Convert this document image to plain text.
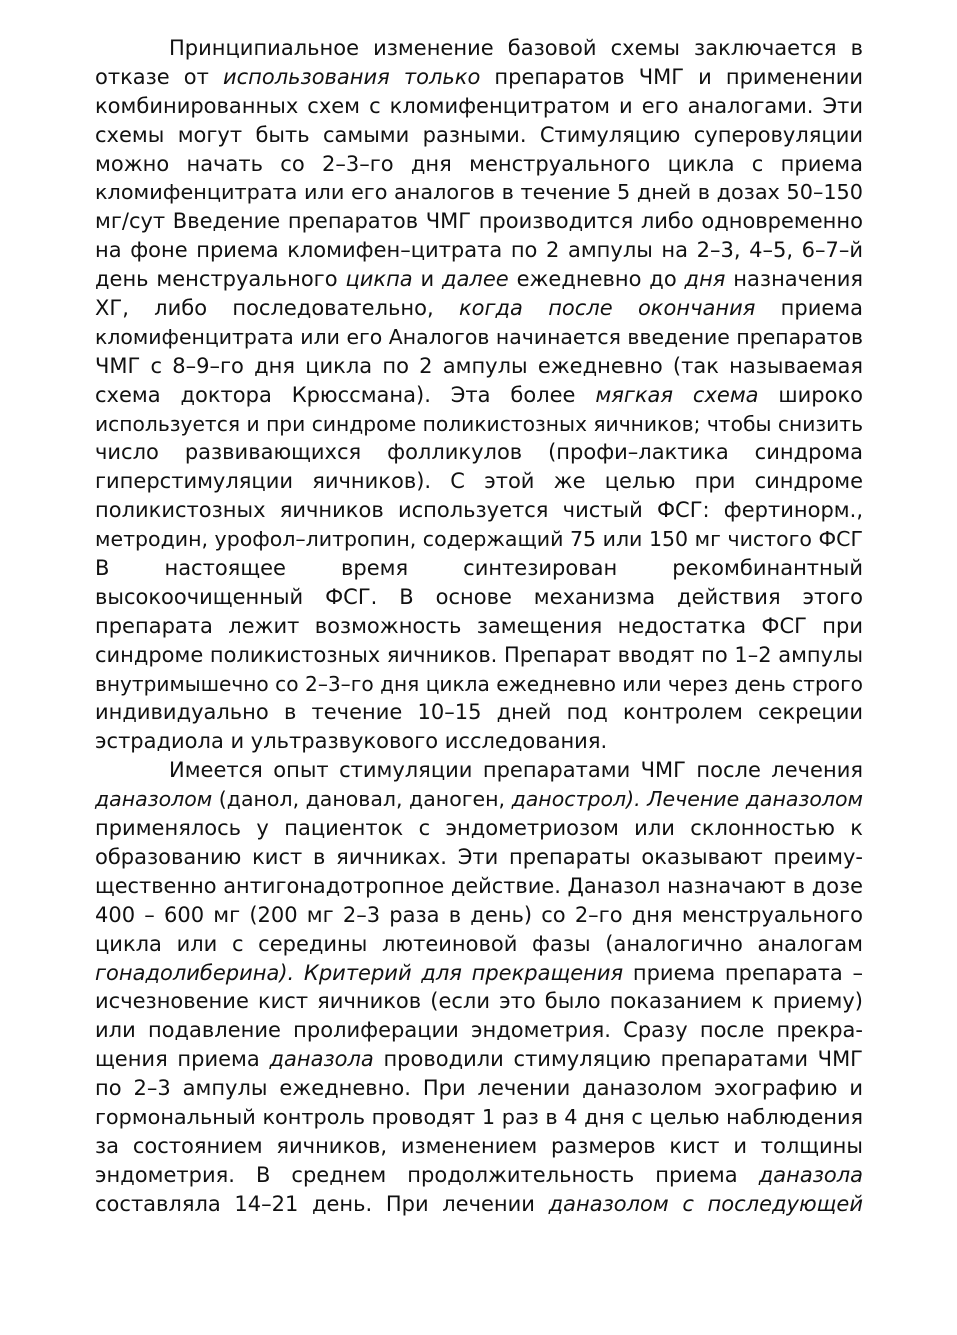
Принципиальное изменение базовой схемы заключается в
отказе от использования только препаратов ЧМГ и применении
комбинированных схем с кломифенцитратом и его аналогами. Эти
схемы могут быть самыми разными. Стимуляцию суперовуляции
можно начать со 2–3–го дня менструального цикла с приема
кломифенцитрата или его аналогов в течение 5 дней в дозах 50–150
мг/сут Введение препаратов ЧМГ производится либо одновременно
на фоне приема кломифен–цитрата по 2 ампулы на 2–3, 4–5, 6–7–й
день менструального цикпа и далее ежедневно до дня назначения
ХГ, либо последовательно, когда после окончания приема
кломифенцитрата или его Аналогов начинается введение препаратов
ЧМГ с 8–9–го дня цикла по 2 ампулы ежедневно (так называемая
схема доктора Крюссмана). Эта более мягкая схема широко
используется и при синдроме поликистозных яичников; чтобы снизить
число развивающихся фолликулов (профи–лактика синдрома
гиперстимуляции яичников). С этой же целью при синдроме
поликистозных яичников используется чистый ФСГ: фертинорм.,
метродин, урофол–литропин, содержащий 75 или 150 мг чистого ФСГ
В настоящее время синтезирован рекомбинантный
высокоочищенный ФСГ. В основе механизма действия этого
препарата лежит возможность замещения недостатка ФСГ при
синдроме поликистозных яичников. Препарат вводят по 1–2 ампулы
внутримышечно со 2–3–го дня цикла ежедневно или через день строго
индивидуально в течение 10–15 дней под контролем секреции
эстрадиола и ультразвукового исследования.
Имеется опыт стимуляции препаратами ЧМГ после лечения
даназолом (данол, дановал, даноген, данострол). Лечение даназолом
применялось у пациенток с эндометриозом или склонностью к
образованию кист в яичниках. Эти препараты оказывают преиму-
щественно антигонадотропное действие. Даназол назначают в дозе
400 – 600 мг (200 мг 2–3 раза в день) со 2–го дня менструального
цикла или с середины лютеиновой фазы (аналогично аналогам
гонадолиберина). Критерий для прекращения приема препарата –
исчезновение кист яичников (если это было показанием к приему)
или подавление пролиферации эндометрия. Сразу после прекра-
щения приема даназола проводили стимуляцию препаратами ЧМГ
по 2–3 ампулы ежедневно. При лечении даназолом эхографию и
гормональный контроль проводят 1 раз в 4 дня с целью наблюдения
за состоянием яичников, изменением размеров кист и толщины
эндометрия. В среднем продолжительность приема даназола
составляла 14–21 день. При лечении даназолом с последующей
